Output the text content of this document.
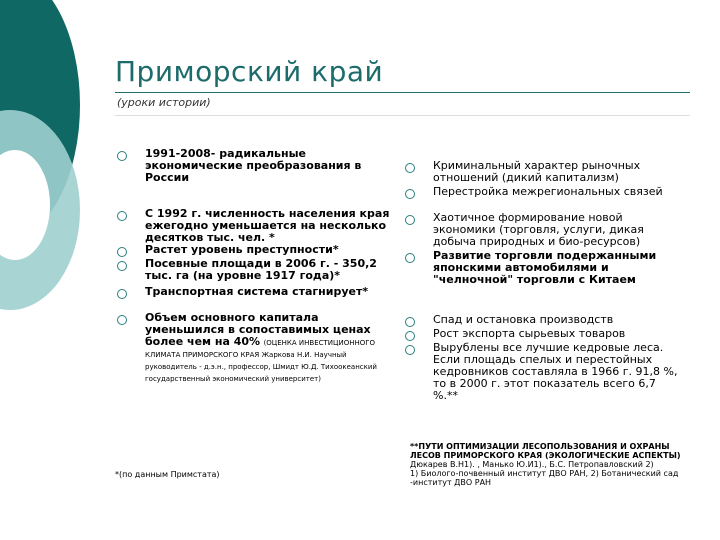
Приморский край
(уроки истории)
1991-2008- радикальные экономические преобразования в России
С 1992 г. численность населения края ежегодно уменьшается на несколько десятков тыс. чел. *
Растет уровень преступности*
Посевные площади в 2006 г. - 350,2 тыс. га (на уровне 1917 года)*
Транспортная система стагнирует*
Объем основного капитала уменьшился в сопоставимых ценах более чем на 40% (ОЦЕНКА ИНВЕСТИЦИОННОГО КЛИМАТА ПРИМОРСКОГО КРАЯ Жаркова Н.И. Научный руководитель - д.э.н., профессор, Шмидт Ю.Д. Тихоокеанский государственный экономический университет)
*(по данным Примстата)
Криминальный характер рыночных отношений (дикий капитализм)
Перестройка межрегиональных связей
Хаотичное формирование новой экономики (торговля, услуги, дикая добыча природных и био-ресурсов)
Развитие торговли подержанными японскими автомобилями и "челночной" торговли с Китаем
Спад и остановка производств
Рост экспорта сырьевых товаров
Вырублены все лучшие кедровые леса. Если площадь спелых и перестойных кедровников составляла в 1966 г. 91,8 %, то в 2000 г. этот показатель всего 6,7 %.**
**ПУТИ ОПТИМИЗАЦИИ ЛЕСОПОЛЬЗОВАНИЯ И ОХРАНЫ ЛЕСОВ ПРИМОРСКОГО КРАЯ (ЭКОЛОГИЧЕСКИЕ АСПЕКТЫ)
Дюкарев В.Н1). , Манько Ю.И1)., Б.С. Петропавловский 2)
1) Биолого-почвенный институт ДВО РАН, 2) Ботанический сад -институт ДВО РАН
